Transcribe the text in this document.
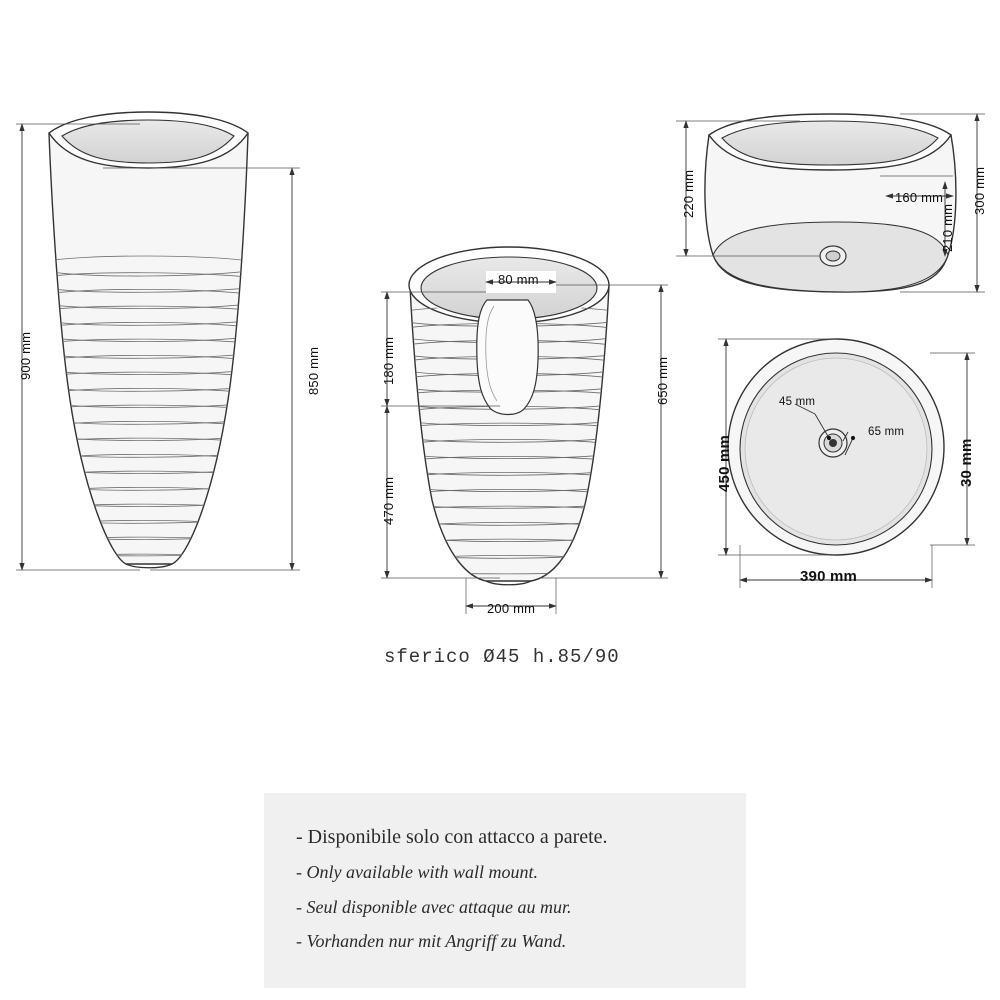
900 mm	850 mm
80 mm
180 mm
470 mm
650 mm
200 mm
220 mm	300 mm
160 mm
210 mm
45 mm
65 mm
450 mm	30 mm
390 mm
sferico Ø45 h.85/90
- Disponibile solo con attacco a parete.
- Only available with wall mount.
- Seul disponible avec attaque au mur.
- Vorhanden nur mit Angriff zu Wand.
